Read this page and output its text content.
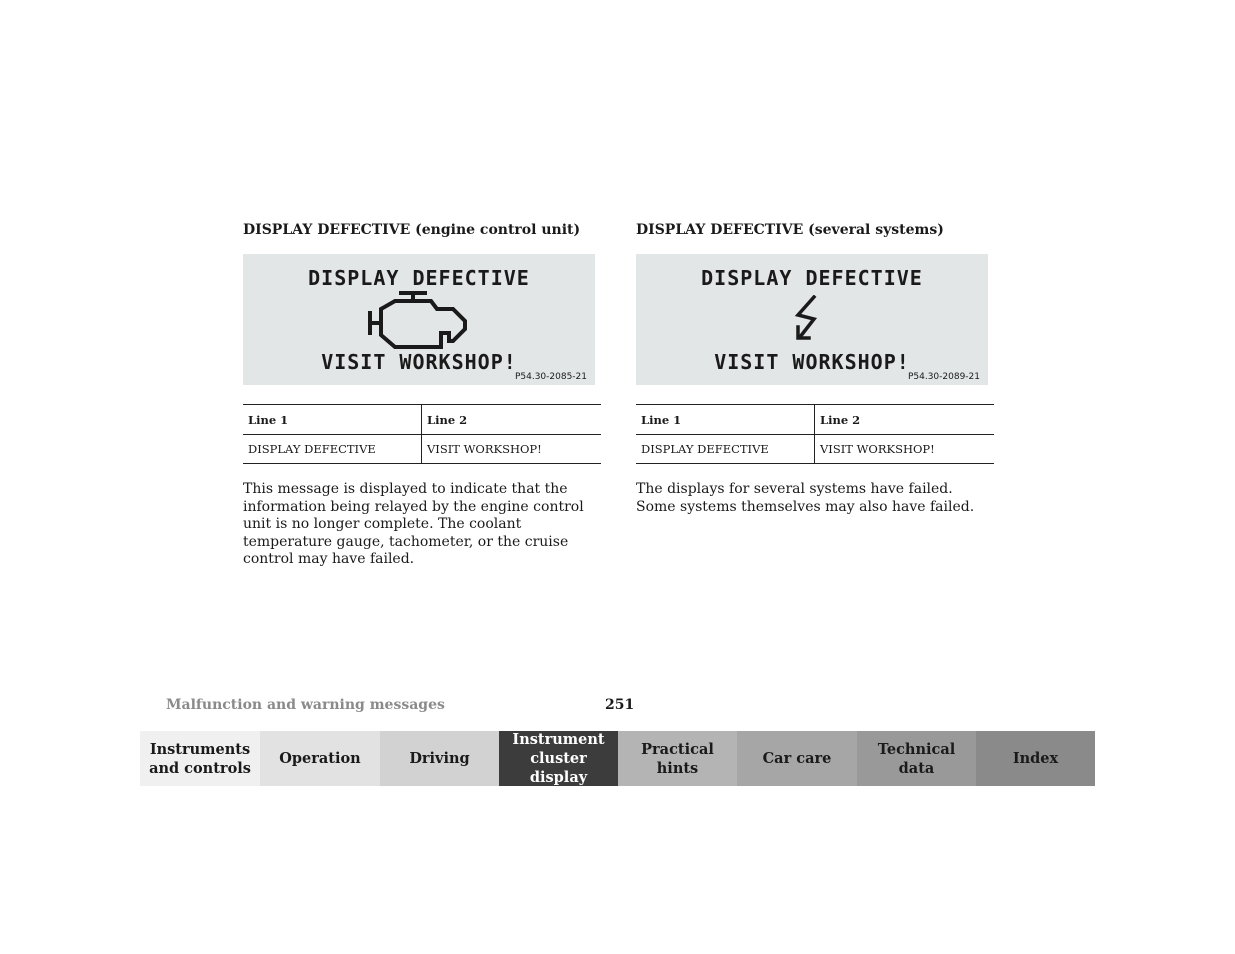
DISPLAY DEFECTIVE (engine control unit)
DISPLAY DEFECTIVE
VISIT WORKSHOP!
P54.30-2085-21
Line 1	Line 2
DISPLAY DEFECTIVE	VISIT WORKSHOP!

This message is displayed to indicate that the information being relayed by the engine control unit is no longer complete. The coolant temperature gauge, tachometer, or the cruise control may have failed.

DISPLAY DEFECTIVE (several systems)
DISPLAY DEFECTIVE
VISIT WORKSHOP!
P54.30-2089-21
Line 1	Line 2
DISPLAY DEFECTIVE	VISIT WORKSHOP!

The displays for several systems have failed. Some systems themselves may also have failed.

Malfunction and warning messages	251
Instruments
and controls
Operation	Driving
Instrument
cluster display
Practical hints
Car care
Technical
data
Index
